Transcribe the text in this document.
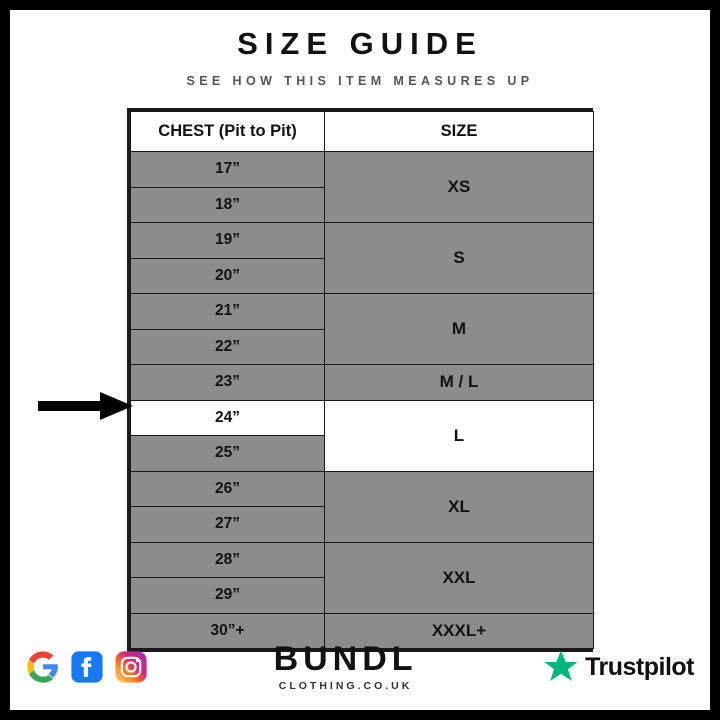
SIZE GUIDE
SEE HOW THIS ITEM MEASURES UP
CHEST (Pit to Pit)	SIZE
17”	XS
18”	
19”	S
20”	
21”	M
22”	
23”	M / L
24”	L
25”	
26”	XL
27”	
28”	XXL
29”	
30”+	XXXL+
BUNDL
CLOTHING.CO.UK
Trustpilot
